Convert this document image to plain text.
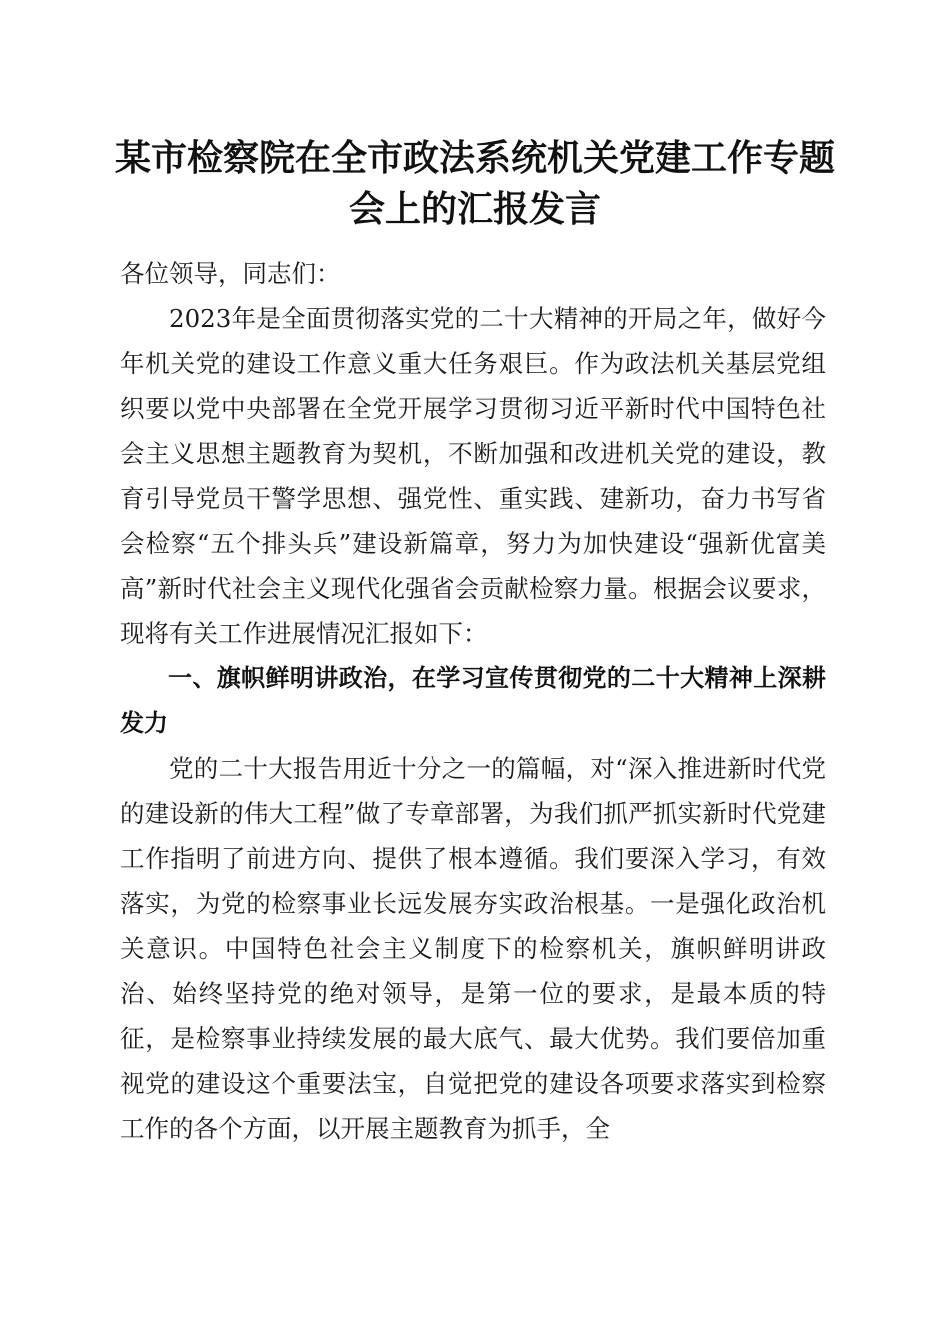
某市检察院在全市政法系统机关党建工作专题
会上的汇报发言

各位领导，同志们：

2023年是全面贯彻落实党的二十大精神的开局之年，做好今年机关党的建设工作意义重大任务艰巨。作为政法机关基层党组织要以党中央部署在全党开展学习贯彻习近平新时代中国特色社会主义思想主题教育为契机，不断加强和改进机关党的建设，教育引导党员干警学思想、强党性、重实践、建新功，奋力书写省会检察“五个排头兵”建设新篇章，努力为加快建设“强新优富美高”新时代社会主义现代化强省会贡献检察力量。根据会议要求，现将有关工作进展情况汇报如下：

一、旗帜鲜明讲政治，在学习宣传贯彻党的二十大精神上深耕发力

党的二十大报告用近十分之一的篇幅，对“深入推进新时代党的建设新的伟大工程”做了专章部署，为我们抓严抓实新时代党建工作指明了前进方向、提供了根本遵循。我们要深入学习，有效落实，为党的检察事业长远发展夯实政治根基。一是强化政治机关意识。中国特色社会主义制度下的检察机关，旗帜鲜明讲政治、始终坚持党的绝对领导，是第一位的要求，是最本质的特征，是检察事业持续发展的最大底气、最大优势。我们要倍加重视党的建设这个重要法宝，自觉把党的建设各项要求落实到检察工作的各个方面，以开展主题教育为抓手，全
